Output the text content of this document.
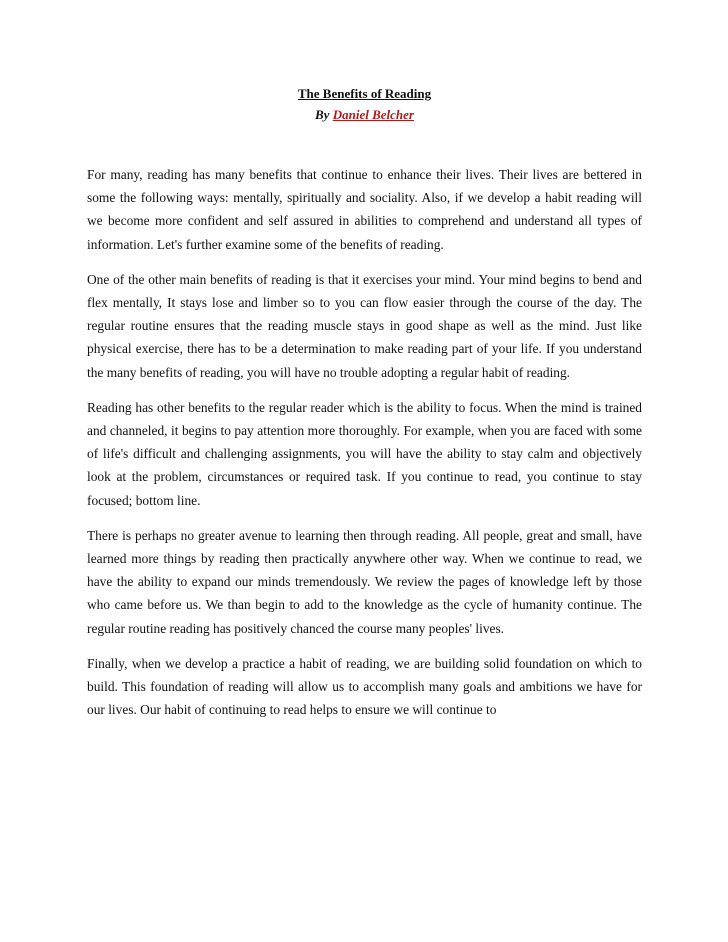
The Benefits of Reading
By Daniel Belcher

For many, reading has many benefits that continue to enhance their lives. Their lives are bettered in some the following ways: mentally, spiritually and sociality. Also, if we develop a habit reading will we become more confident and self assured in abilities to comprehend and understand all types of information. Let's further examine some of the benefits of reading.

One of the other main benefits of reading is that it exercises your mind. Your mind begins to bend and flex mentally, It stays lose and limber so to you can flow easier through the course of the day. The regular routine ensures that the reading muscle stays in good shape as well as the mind. Just like physical exercise, there has to be a determination to make reading part of your life. If you understand the many benefits of reading, you will have no trouble adopting a regular habit of reading.

Reading has other benefits to the regular reader which is the ability to focus. When the mind is trained and channeled, it begins to pay attention more thoroughly. For example, when you are faced with some of life's difficult and challenging assignments, you will have the ability to stay calm and objectively look at the problem, circumstances or required task. If you continue to read, you continue to stay focused; bottom line.

There is perhaps no greater avenue to learning then through reading. All people, great and small, have learned more things by reading then practically anywhere other way. When we continue to read, we have the ability to expand our minds tremendously. We review the pages of knowledge left by those who came before us. We than begin to add to the knowledge as the cycle of humanity continue. The regular routine reading has positively chanced the course many peoples' lives.

Finally, when we develop a practice a habit of reading, we are building solid foundation on which to build. This foundation of reading will allow us to accomplish many goals and ambitions we have for our lives. Our habit of continuing to read helps to ensure we will continue to
